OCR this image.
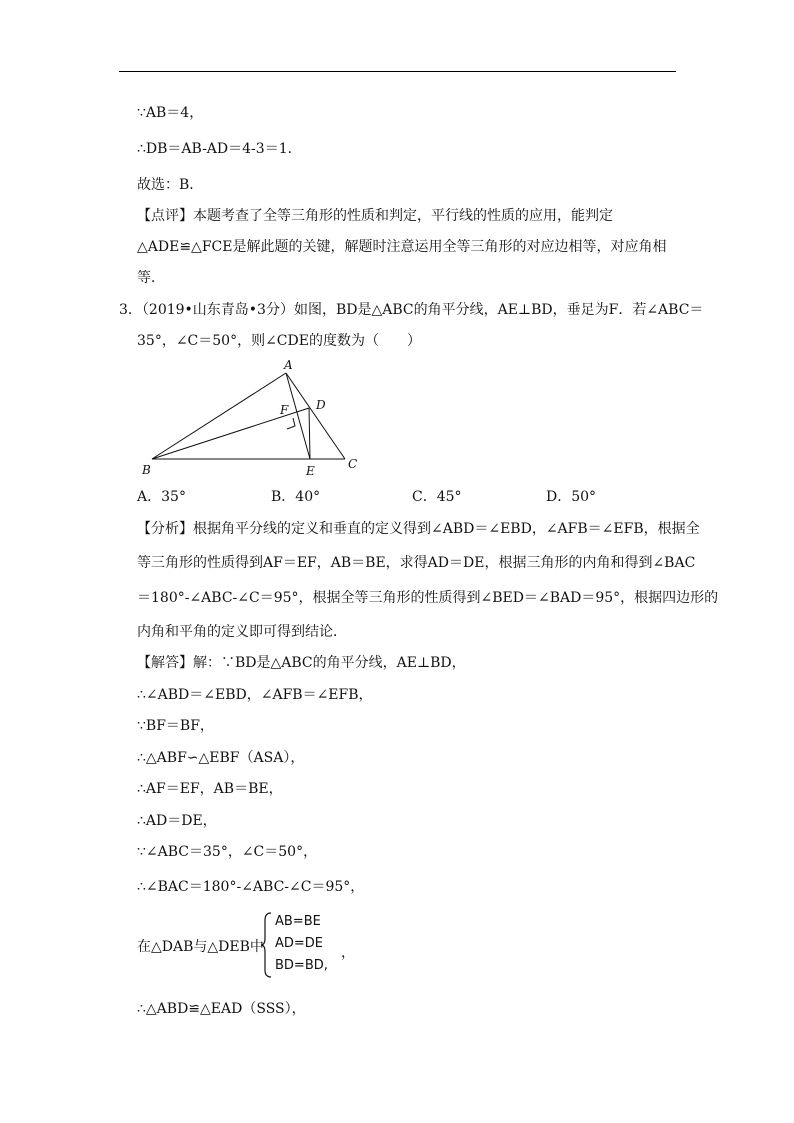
∵AB＝4，
∴DB＝AB-AD＝4-3＝1．
故选：B．
【点评】本题考查了全等三角形的性质和判定，平行线的性质的应用，能判定
△ADE≌△FCE是解此题的关键，解题时注意运用全等三角形的对应边相等，对应角相
等．
3．（2019•山东青岛•3分）如图，BD是△ABC的角平分线，AE⊥BD，垂足为F．若∠ABC＝
35°，∠C＝50°，则∠CDE的度数为（　　）
A
B	C
D
E
F
A．35°	B．40°	C．45°	D．50°
【分析】根据角平分线的定义和垂直的定义得到∠ABD＝∠EBD，∠AFB＝∠EFB，根据全
等三角形的性质得到AF＝EF，AB＝BE，求得AD＝DE，根据三角形的内角和得到∠BAC
＝180°-∠ABC-∠C＝95°，根据全等三角形的性质得到∠BED＝∠BAD＝95°，根据四边形的
内角和平角的定义即可得到结论．
【解答】解：∵BD是△ABC的角平分线，AE⊥BD，
∴∠ABD＝∠EBD，∠AFB＝∠EFB，
∵BF＝BF，
∴△ABF∽△EBF（ASA），
∴AF＝EF，AB＝BE，
∴AD＝DE，
∵∠ABC＝35°，∠C＝50°，
∴∠BAC＝180°-∠ABC-∠C＝95°，
在△DAB与△DEB中
AB=BE
AD=DE
BD=BD,
，
∴△ABD≌△EAD（SSS），
